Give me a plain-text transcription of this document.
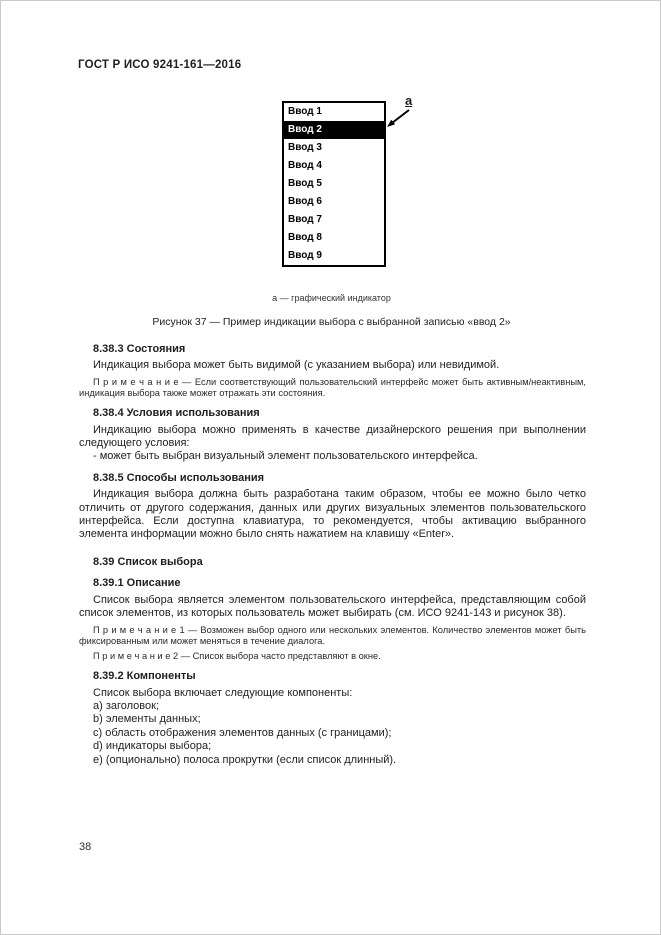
ГОСТ Р ИСО 9241-161—2016
Ввод 1
Ввод 2
Ввод 3
Ввод 4
Ввод 5
Ввод 6
Ввод 7
Ввод 8
Ввод 9
а
а — графический индикатор
Рисунок 37 — Пример индикации выбора с выбранной записью «ввод 2»

8.38.3 Состояния

Индикация выбора может быть видимой (с указанием выбора) или невидимой.

П р и м е ч а н и е — Если соответствующий пользовательский интерфейс может быть активным/неактивным, индикация выбора также может отражать эти состояния.

8.38.4 Условия использования

Индикацию выбора можно применять в качестве дизайнерского решения при выполнении следующего условия:

- может быть выбран визуальный элемент пользовательского интерфейса.

8.38.5 Способы использования

Индикация выбора должна быть разработана таким образом, чтобы ее можно было четко отличить от другого содержания, данных или других визуальных элементов пользовательского интерфейса. Если доступна клавиатура, то рекомендуется, чтобы активацию выбранного элемента информации можно было снять нажатием на клавишу «Enter».

8.39 Список выбора

8.39.1 Описание

Список выбора является элементом пользовательского интерфейса, представляющим собой список элементов, из которых пользователь может выбирать (см. ИСО 9241-143 и рисунок 38).

П р и м е ч а н и е 1 — Возможен выбор одного или нескольких элементов. Количество элементов может быть фиксированным или может меняться в течение диалога.

П р и м е ч а н и е 2 — Список выбора часто представляют в окне.

8.39.2 Компоненты

Список выбора включает следующие компоненты:

a) заголовок;

b) элементы данных;

c) область отображения элементов данных (с границами);

d) индикаторы выбора;

e) (опционально) полоса прокрутки (если список длинный).

38
